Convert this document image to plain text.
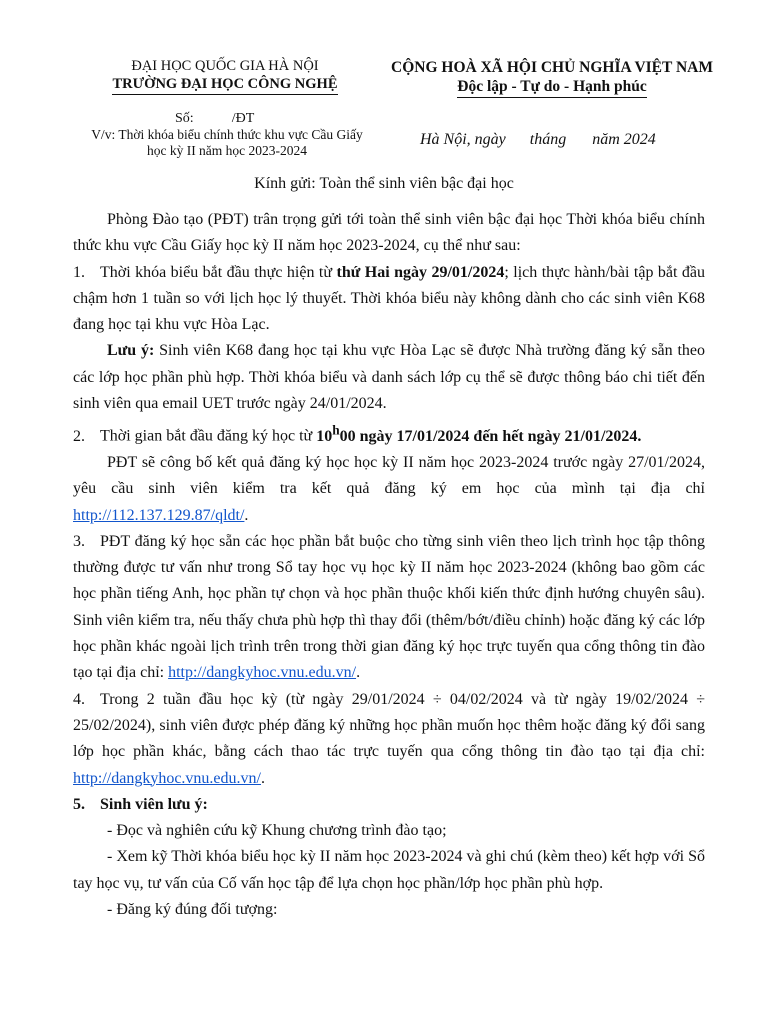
ĐẠI HỌC QUỐC GIA HÀ NỘI
TRƯỜNG ĐẠI HỌC CÔNG NGHỆ
CỘNG HOÀ XÃ HỘI CHỦ NGHĨA VIỆT NAM
Độc lập - Tự do - Hạnh phúc
Số:	/ĐT
V/v: Thời khóa biểu chính thức khu vực Cầu Giấy
học kỳ II năm học 2023-2024
Hà Nội, ngày tháng năm 2024
Kính gửi: Toàn thể sinh viên bậc đại học

Phòng Đào tạo (PĐT) trân trọng gửi tới toàn thể sinh viên bậc đại học Thời khóa biểu chính thức khu vực Cầu Giấy học kỳ II năm học 2023-2024, cụ thể như sau:

1. Thời khóa biểu bắt đầu thực hiện từ thứ Hai ngày 29/01/2024; lịch thực hành/bài tập bắt đầu chậm hơn 1 tuần so với lịch học lý thuyết. Thời khóa biểu này không dành cho các sinh viên K68 đang học tại khu vực Hòa Lạc.

Lưu ý: Sinh viên K68 đang học tại khu vực Hòa Lạc sẽ được Nhà trường đăng ký sẵn theo các lớp học phần phù hợp. Thời khóa biểu và danh sách lớp cụ thể sẽ được thông báo chi tiết đến sinh viên qua email UET trước ngày 24/01/2024.

2. Thời gian bắt đầu đăng ký học từ 10$^h$00 ngày 17/01/2024 đến hết ngày 21/01/2024.

PĐT sẽ công bố kết quả đăng ký học học kỳ II năm học 2023-2024 trước ngày 27/01/2024, yêu cầu sinh viên kiểm tra kết quả đăng ký em học của mình tại địa chỉ http://112.137.129.87/qldt/.

3. PĐT đăng ký học sẵn các học phần bắt buộc cho từng sinh viên theo lịch trình học tập thông thường được tư vấn như trong Sổ tay học vụ học kỳ II năm học 2023-2024 (không bao gồm các học phần tiếng Anh, học phần tự chọn và học phần thuộc khối kiến thức định hướng chuyên sâu). Sinh viên kiểm tra, nếu thấy chưa phù hợp thì thay đổi (thêm/bớt/điều chỉnh) hoặc đăng ký các lớp học phần khác ngoài lịch trình trên trong thời gian đăng ký học trực tuyến qua cổng thông tin đào tạo tại địa chỉ: http://dangkyhoc.vnu.edu.vn/.

4. Trong 2 tuần đầu học kỳ (từ ngày 29/01/2024 ÷ 04/02/2024 và từ ngày 19/02/2024 ÷ 25/02/2024), sinh viên được phép đăng ký những học phần muốn học thêm hoặc đăng ký đổi sang lớp học phần khác, bằng cách thao tác trực tuyến qua cổng thông tin đào tạo tại địa chỉ: http://dangkyhoc.vnu.edu.vn/.

5. Sinh viên lưu ý:

- Đọc và nghiên cứu kỹ Khung chương trình đào tạo;

- Xem kỹ Thời khóa biểu học kỳ II năm học 2023-2024 và ghi chú (kèm theo) kết hợp với Sổ tay học vụ, tư vấn của Cố vấn học tập để lựa chọn học phần/lớp học phần phù hợp.

- Đăng ký đúng đối tượng:
